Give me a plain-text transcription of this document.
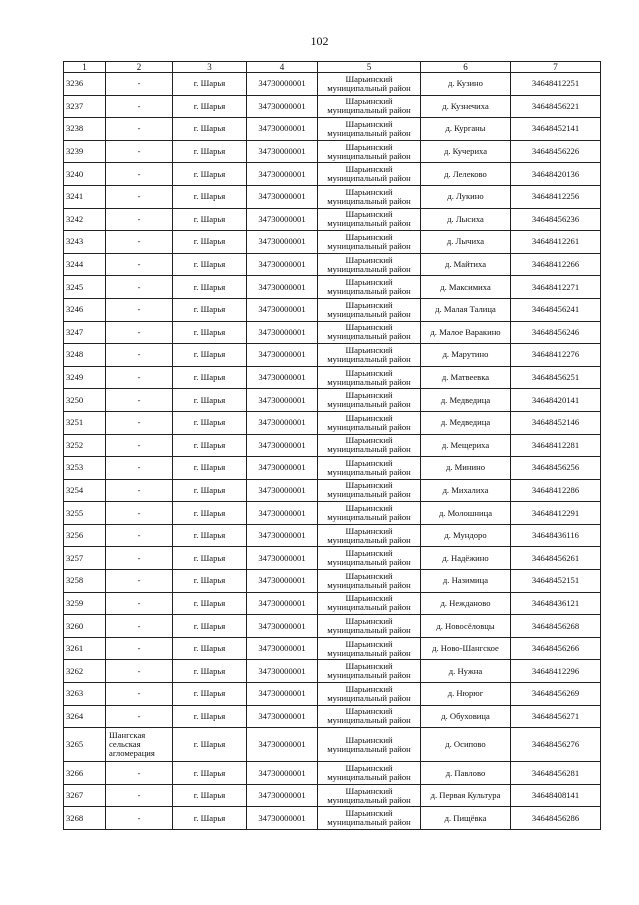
102
1	2	3	4	5	6	7
3236	-	г. Шарья	34730000001	Шарьинский муниципальный район	д. Кузино	34648412251
3237	-	г. Шарья	34730000001	Шарьинский муниципальный район	д. Кузнечиха	34648456221
3238	-	г. Шарья	34730000001	Шарьинский муниципальный район	д. Курганы	34648452141
3239	-	г. Шарья	34730000001	Шарьинский муниципальный район	д. Кучериха	34648456226
3240	-	г. Шарья	34730000001	Шарьинский муниципальный район	д. Лелеково	34648420136
3241	-	г. Шарья	34730000001	Шарьинский муниципальный район	д. Лукино	34648412256
3242	-	г. Шарья	34730000001	Шарьинский муниципальный район	д. Лысиха	34648456236
3243	-	г. Шарья	34730000001	Шарьинский муниципальный район	д. Лычиха	34648412261
3244	-	г. Шарья	34730000001	Шарьинский муниципальный район	д. Майтиха	34648412266
3245	-	г. Шарья	34730000001	Шарьинский муниципальный район	д. Максимиха	34648412271
3246	-	г. Шарья	34730000001	Шарьинский муниципальный район	д. Малая Талица	34648456241
3247	-	г. Шарья	34730000001	Шарьинский муниципальный район	д. Малое Варакино	34648456246
3248	-	г. Шарья	34730000001	Шарьинский муниципальный район	д. Марутино	34648412276
3249	-	г. Шарья	34730000001	Шарьинский муниципальный район	д. Матвеевка	34648456251
3250	-	г. Шарья	34730000001	Шарьинский муниципальный район	д. Медведица	34648420141
3251	-	г. Шарья	34730000001	Шарьинский муниципальный район	д. Медведица	34648452146
3252	-	г. Шарья	34730000001	Шарьинский муниципальный район	д. Мещериха	34648412281
3253	-	г. Шарья	34730000001	Шарьинский муниципальный район	д. Минино	34648456256
3254	-	г. Шарья	34730000001	Шарьинский муниципальный район	д. Михалиха	34648412286
3255	-	г. Шарья	34730000001	Шарьинский муниципальный район	д. Молошница	34648412291
3256	-	г. Шарья	34730000001	Шарьинский муниципальный район	д. Мундоро	34648436116
3257	-	г. Шарья	34730000001	Шарьинский муниципальный район	д. Надёжино	34648456261
3258	-	г. Шарья	34730000001	Шарьинский муниципальный район	д. Назимица	34648452151
3259	-	г. Шарья	34730000001	Шарьинский муниципальный район	д. Нежданово	34648436121
3260	-	г. Шарья	34730000001	Шарьинский муниципальный район	д. Новосёловцы	34648456268
3261	-	г. Шарья	34730000001	Шарьинский муниципальный район	д. Ново-Шангское	34648456266
3262	-	г. Шарья	34730000001	Шарьинский муниципальный район	д. Нужна	34648412296
3263	-	г. Шарья	34730000001	Шарьинский муниципальный район	д. Нюрюг	34648456269
3264	-	г. Шарья	34730000001	Шарьинский муниципальный район	д. Обуховица	34648456271
3265	Шангская сельская агломерация	г. Шарья	34730000001	Шарьинский муниципальный район	д. Осипово	34648456276
3266	-	г. Шарья	34730000001	Шарьинский муниципальный район	д. Павлово	34648456281
3267	-	г. Шарья	34730000001	Шарьинский муниципальный район	д. Первая Культура	34648408141
3268	-	г. Шарья	34730000001	Шарьинский муниципальный район	д. Пищёвка	34648456286
